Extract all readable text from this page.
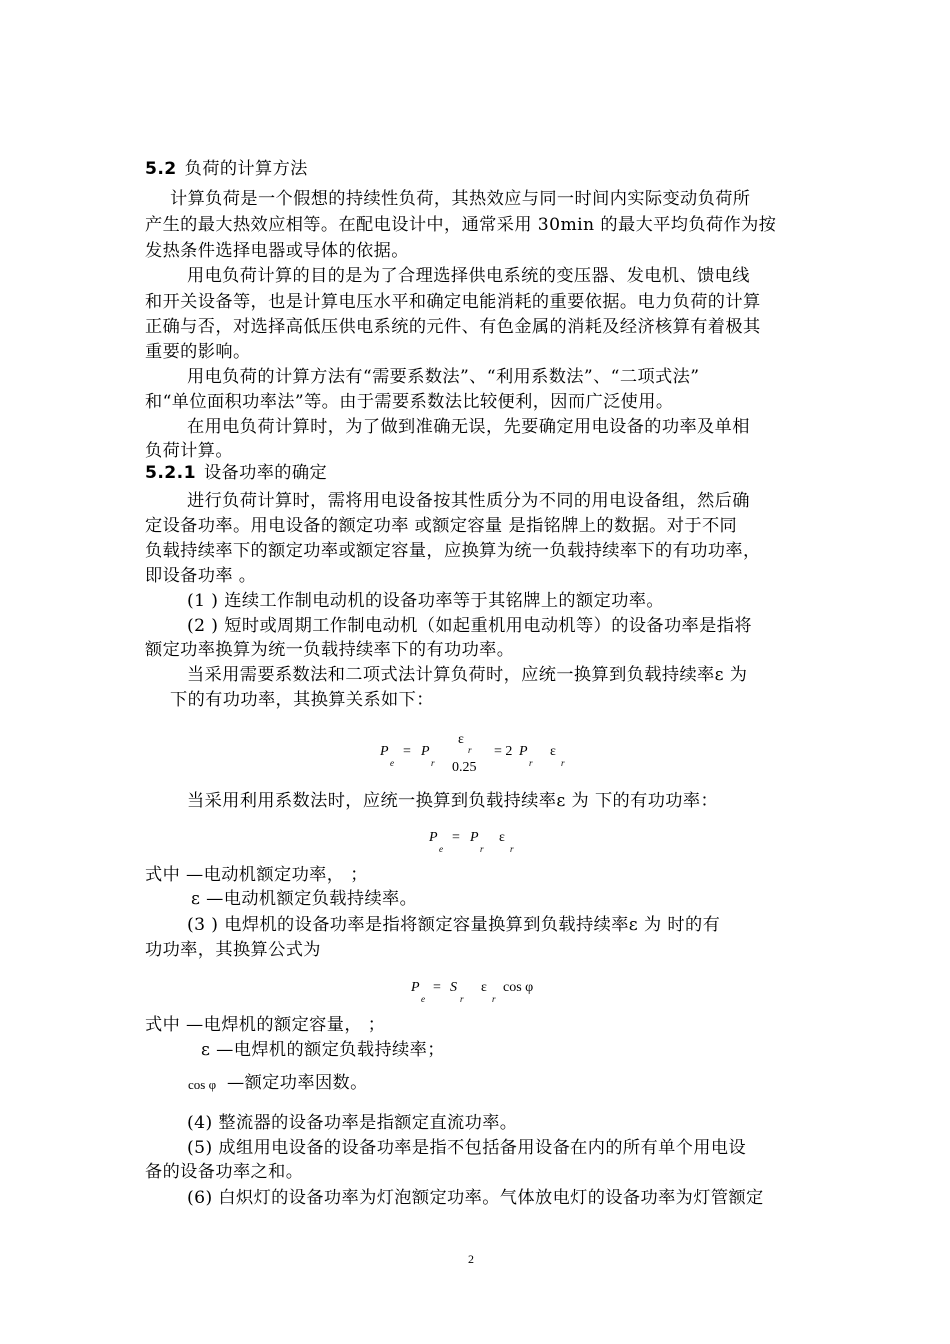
5.2 负荷的计算方法
计算负荷是一个假想的持续性负荷，其热效应与同一时间内实际变动负荷所
产生的最大热效应相等。在配电设计中，通常采用 30min 的最大平均负荷作为按
发热条件选择电器或导体的依据。
用电负荷计算的目的是为了合理选择供电系统的变压器、发电机、馈电线
和开关设备等，也是计算电压水平和确定电能消耗的重要依据。电力负荷的计算
正确与否，对选择高低压供电系统的元件、有色金属的消耗及经济核算有着极其
重要的影响。
用电负荷的计算方法有“需要系数法”、“利用系数法”、“二项式法”
和“单位面积功率法”等。由于需要系数法比较便利，因而广泛使用。
在用电负荷计算时，为了做到准确无误，先要确定用电设备的功率及单相
负荷计算。
5.2.1 设备功率的确定
进行负荷计算时，需将用电设备按其性质分为不同的用电设备组，然后确
定设备功率。用电设备的额定功率 或额定容量 是指铭牌上的数据。对于不同
负载持续率下的额定功率或额定容量，应换算为统一负载持续率下的有功功率，
即设备功率 。
(1 ) 连续工作制电动机的设备功率等于其铭牌上的额定功率。
(2 ) 短时或周期工作制电动机（如起重机用电动机等）的设备功率是指将
额定功率换算为统一负载持续率下的有功功率。
当采用需要系数法和二项式法计算负荷时，应统一换算到负载持续率ε 为
下的有功功率，其换算关系如下：
P
e
= P
r
ε
r
0.25
= 2 P
r
ε
r
当采用利用系数法时，应统一换算到负载持续率ε 为 下的有功功率：
P
e
= P
r
ε
r
式中 —电动机额定功率， ；
ε —电动机额定负载持续率。
(3 ) 电焊机的设备功率是指将额定容量换算到负载持续率ε 为 时的有
功功率，其换算公式为
P
e
= S
r
ε
r
cos φ
式中 —电焊机的额定容量， ；
ε —电焊机的额定负载持续率；
cos φ —额定功率因数。
(4) 整流器的设备功率是指额定直流功率。
(5) 成组用电设备的设备功率是指不包括备用设备在内的所有单个用电设
备的设备功率之和。
(6) 白炽灯的设备功率为灯泡额定功率。气体放电灯的设备功率为灯管额定
2
